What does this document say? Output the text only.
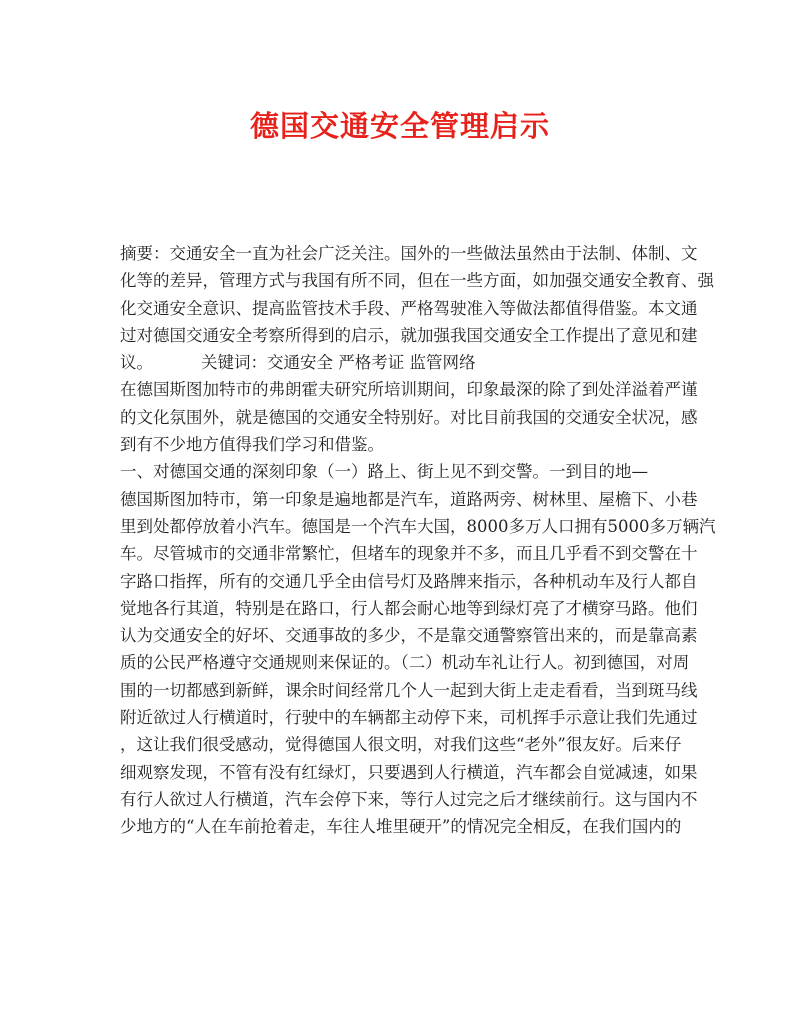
德国交通安全管理启示
摘要：交通安全一直为社会广泛关注。国外的一些做法虽然由于法制、体制、文
化等的差异，管理方式与我国有所不同，但在一些方面，如加强交通安全教育、强
化交通安全意识、提高监管技术手段、严格驾驶准入等做法都值得借鉴。本文通
过对德国交通安全考察所得到的启示，就加强我国交通安全工作提出了意见和建
议。	关键词：交通安全 严格考证 监管网络
在德国斯图加特市的弗朗霍夫研究所培训期间，印象最深的除了到处洋溢着严谨
的文化氛围外，就是德国的交通安全特别好。对比目前我国的交通安全状况，感
到有不少地方值得我们学习和借鉴。
一、对德国交通的深刻印象（一）路上、街上见不到交警。一到目的地—
德国斯图加特市，第一印象是遍地都是汽车，道路两旁、树林里、屋檐下、小巷
里到处都停放着小汽车。德国是一个汽车大国，8000多万人口拥有5000多万辆汽
车。尽管城市的交通非常繁忙，但堵车的现象并不多，而且几乎看不到交警在十
字路口指挥，所有的交通几乎全由信号灯及路牌来指示，各种机动车及行人都自
觉地各行其道，特别是在路口，行人都会耐心地等到绿灯亮了才横穿马路。他们
认为交通安全的好坏、交通事故的多少，不是靠交通警察管出来的，而是靠高素
质的公民严格遵守交通规则来保证的。（二）机动车礼让行人。初到德国，对周
围的一切都感到新鲜，课余时间经常几个人一起到大街上走走看看，当到斑马线
附近欲过人行横道时，行驶中的车辆都主动停下来，司机挥手示意让我们先通过
，这让我们很受感动，觉得德国人很文明，对我们这些“老外”很友好。后来仔
细观察发现，不管有没有红绿灯，只要遇到人行横道，汽车都会自觉减速，如果
有行人欲过人行横道，汽车会停下来，等行人过完之后才继续前行。这与国内不
少地方的“人在车前抢着走，车往人堆里硬开”的情况完全相反，在我们国内的
